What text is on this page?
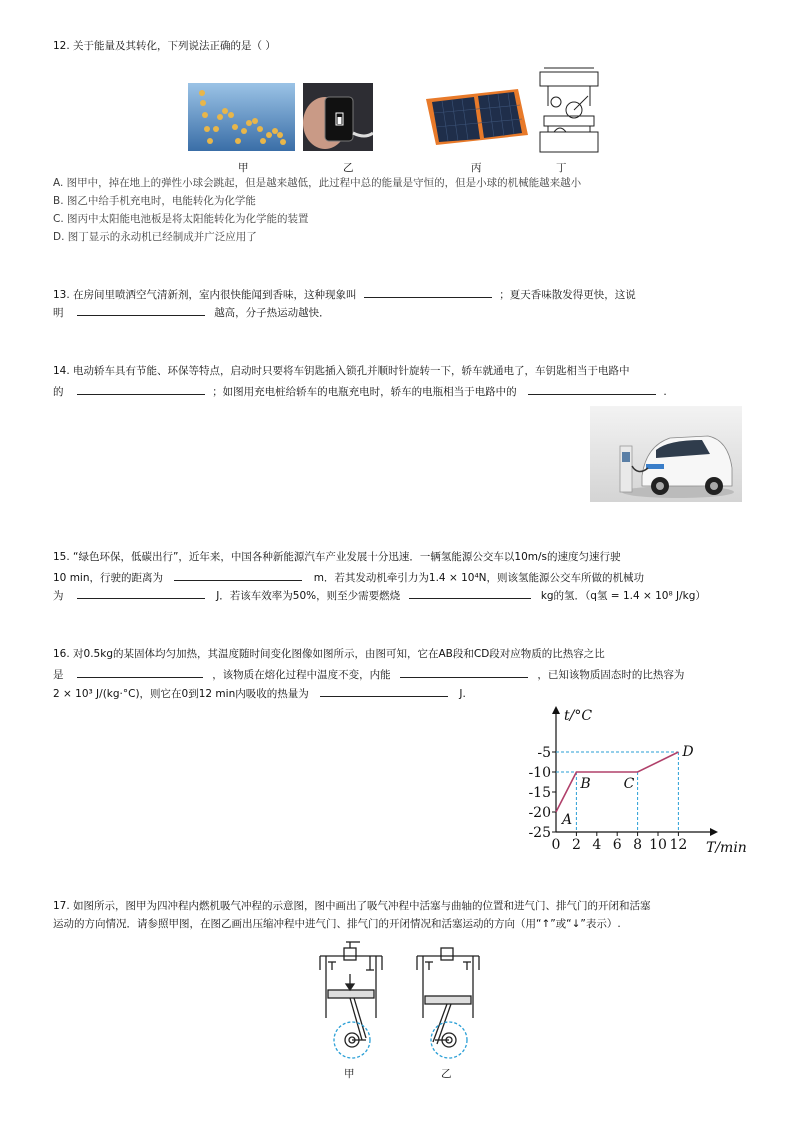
12. 关于能量及其转化，下列说法正确的是（ ）
甲	乙	丙	丁
A. 图甲中，掉在地上的弹性小球会跳起，但是越来越低，此过程中总的能量是守恒的，但是小球的机械能越来越小
B. 图乙中给手机充电时，电能转化为化学能
C. 图丙中太阳能电池板是将太阳能转化为化学能的装置
D. 图丁显示的永动机已经制成并广泛应用了
13. 在房间里喷洒空气清新剂，室内很快能闻到香味，这种现象叫	；夏天香味散发得更快，这说
明	越高，分子热运动越快．
14. 电动轿车具有节能、环保等特点，启动时只要将车钥匙插入锁孔并顺时针旋转一下，轿车就通电了，车钥匙相当于电路中
的	；如图用充电桩给轿车的电瓶充电时，轿车的电瓶相当于电路中的	.
15. “绿色环保，低碳出行”，近年来，中国各种新能源汽车产业发展十分迅速．一辆氢能源公交车以10m/s的速度匀速行驶
10 min，行驶的距离为	m．若其发动机牵引力为1.4 × 10⁴N，则该氢能源公交车所做的机械功
为	J．若该车效率为50%，则至少需要燃烧	kg的氢．（q氢 = 1.4 × 10⁸ J/kg）
16. 对0.5kg的某固体均匀加热，其温度随时间变化图像如图所示，由图可知，它在AB段和CD段对应物质的比热容之比
是	，该物质在熔化过程中温度不变，内能	，已知该物质固态时的比热容为
2 × 10³ J/(kg·°C)，则它在0到12 min内吸收的热量为	J.
t/°C
T/min
-5
-10
-15
-20
-25
0 2 4 6 8 10 12
A
B C
D
17. 如图所示，图甲为四冲程内燃机吸气冲程的示意图，图中画出了吸气冲程中活塞与曲轴的位置和进气门、排气门的开闭和活塞
运动的方向情况．请参照甲图，在图乙画出压缩冲程中进气门、排气门的开闭情况和活塞运动的方向（用“↑”或“↓”表示）.
甲	乙
